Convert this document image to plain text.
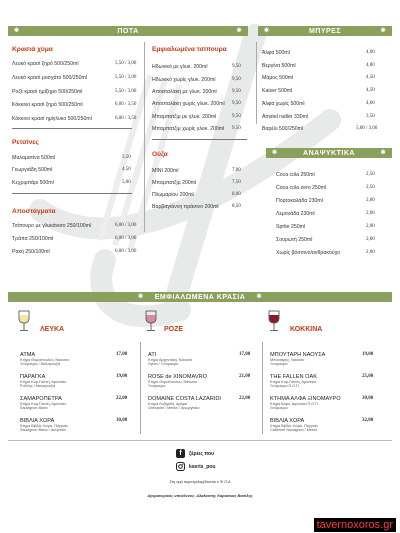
✱	ΠΟΤΑ	✱	✱	ΜΠΥΡΕΣ	✱
Κρασιά χύμα
Λευκό κρασί ξηρό 500/250ml	5,50 / 3,00
Λευκό κρασί μοσχάτο 500/250ml	5,50 / 3,00
Ροζέ κρασί ημίξηρο 500/250ml	5,50 / 3,00
Κόκκινο κρασί ξηρό 500/250ml	6,00 / 3,50
Κόκκινο κρασί ημίγλυκο 500/250ml	6,00 / 3,50
Ρετσίνες
Μαλαματίνα 500ml	3,50
Γεωργιάδη 500ml	4,50
Κεχριμπάρι 500ml	5,00
Αποστάγματα
Τσίπουρο με γλυκάνισο 250/100ml	6,00 / 3,00
Τράπα 250/100ml	6,00 / 3,00
Ρακή 250/100ml	6,00 / 3,00
Εμφιαλωμένα τσίπουρα
Ηδωνικό με γλυκ. 200ml	9,50
Ηδωνικό χωρίς γλυκ. 200ml	9,50
Αποσταλάκη με γλυκ. 200ml	9,50
Αποσταλάκη χωρίς γλυκ. 200ml 9,50
Μπαμπατζιμ με γλυκ. 200ml	9,50
Μπαμπατζιμ χωρίς γλυκ. 200ml 9,50
Ούζα
MINI 200ml	7,00
Μπαμπατζιμ 200ml	7,50
Πλωμαρίου 200ml	8,00
Βαρβαγιάννη πράσινο 200ml	8,50
Άλφα 500ml	4,00
Βεργίνα 500ml	4,00
Μάμος 500ml	4,50
Kaiser 500ml	4,50
Άλφα χωρίς 500ml	4,00
Amstel radler 330ml	3,50
Βαρέλι 500/250ml	5,00 / 3,00
✱	ΑΝΑΨΥΚΤΙΚΑ	✱
Coca cola 250ml	2,50
Coca cola zero 250ml	2,50
Πορτοκαλάδα 230ml	2,00
Λεμονάδα 230ml	2,00
Sprite 250ml	2,00
Σουρωτή 250ml	2,00
Χωρίς βόσσινο/ανθρακούχο	2,00
✱ ΕΜΦΙΑΛΩΜΕΝΑ ΚΡΑΣΙΑ ✱
ΛΕΥΚΑ	ΡΟΖΕ	ΚΟΚΚΙΝΑ
ΑΤΜΑ
Κτήμα Θυμιόπουλου, Νάουσα
Ξινόμαυρο / Μαλαγουζιά
17,00
ΠΑΡΑΓΚΑ
Κτήμα Κυρ-Γιάννη, Αμύνταιο
Ροδίτης / Μαλαγουζιά
19,00
ΣΑΜΑΡΟΠΕΤΡΑ
Κτήμα Κυρ-Γιάννη, Αμύνταιο
Sauvignon Blanc
22,00
ΒΙΒΛΙΑ ΧΩΡΑ
Κτήμα Βιβλία Χώρα, Παγγαίο
Sauvignon Blanc / Ασύρτικο
30,00
ATI
Κτήμα Αρχοντάκη, Νάουσα
Syrah / Ξινόμαυρο
17,00
ROSE de XINOMAVRO
Κτήμα Θυμιόπουλου, Νάουσα
Ξινόμαυρο
21,00
DOMAINE COSTA LAZARIDI
Κτήμα Λαζαρίδη, Δράμα
Grenache / Merlot / Αγιωργίτικο
22,00
ΜΠΟΥΤΑΡΗ ΝΑΟΥΣΑ
Μπουτάρης, Νάουσα
Ξινόμαυρο
19,00
THE FALLEN OAK
Κτήμα Κυρ-Γιάννη, Αμύνταιο
Ξινόμαυρο Π.Ο.Π.
25,00
ΚΤΗΜΑ ΑΛΦΑ ΞΙΝΟΜΑΥΡΟ
Κτήμα Άλφα, Αμύνταιο Π.Ο.Π.
Ξινόμαυρο
30,00
ΒΙΒΛΙΑ ΧΩΡΑ
Κτήμα Βιβλία Χώρα, Παγγαίο
Cabernet Sauvignon / Merlot
32,00
f	ξέρεις που
kseris_pou
Στη τιμή συμπεριλαμβάνεται ο Φ.Π.Α
Αγορανομικός υπεύθυνος: Αλαλαστής Καρανίκας Βασίλης
tavernoxoros.gr
